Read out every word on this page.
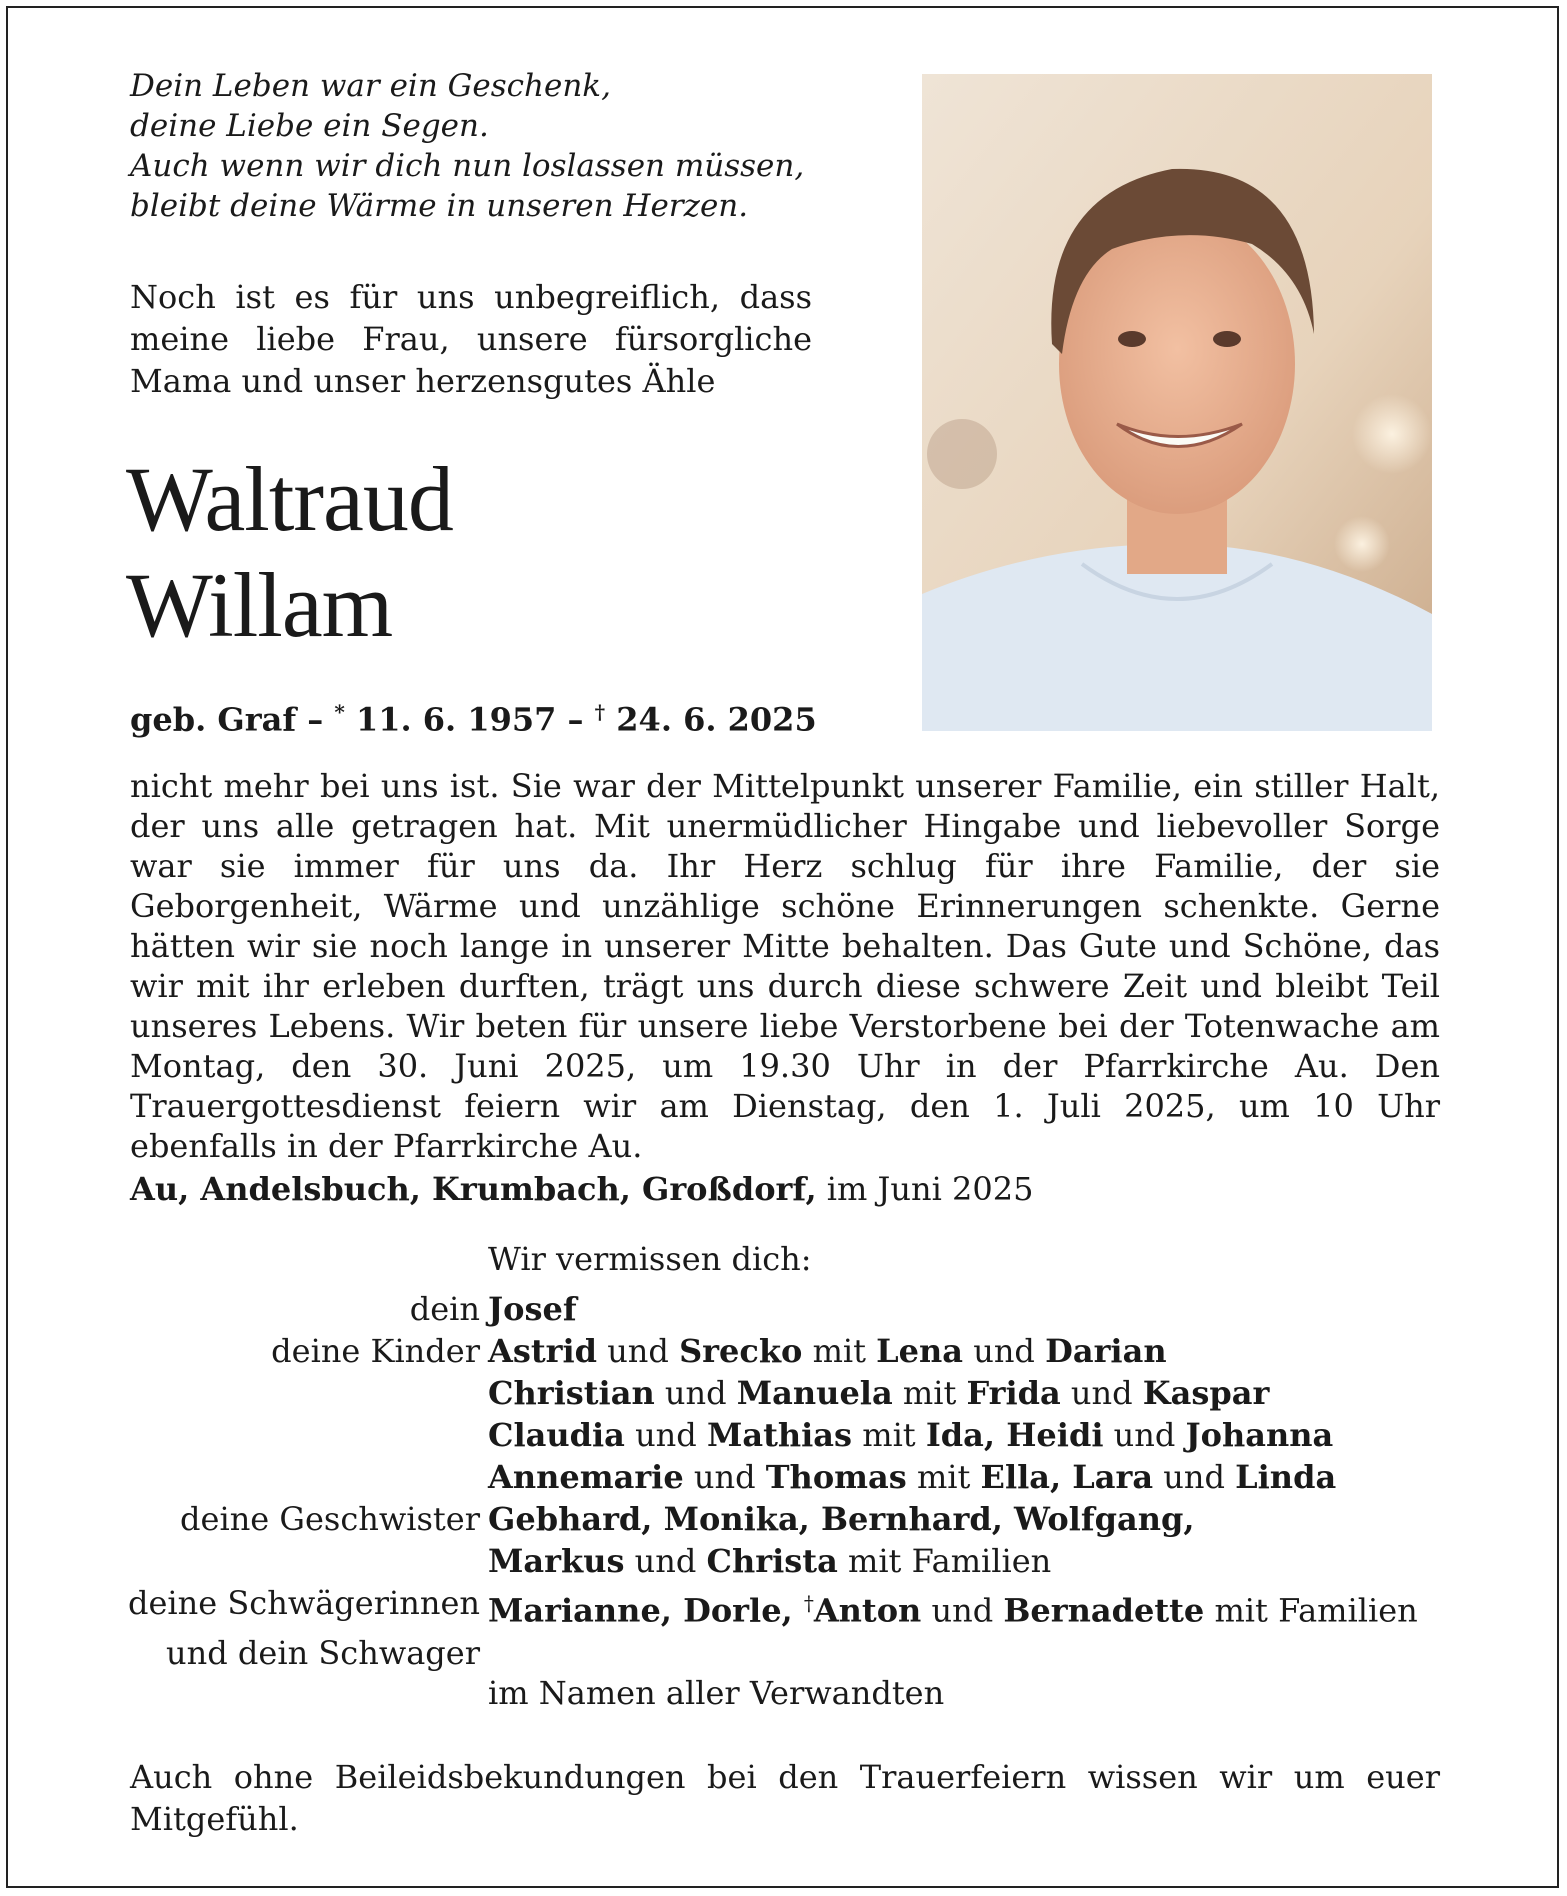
Dein Leben war ein Geschenk,
deine Liebe ein Segen.
Auch wenn wir dich nun loslassen müssen,
bleibt deine Wärme in unseren Herzen.

Noch ist es für uns unbegreiflich, dass meine liebe Frau, unsere fürsorgliche Mama und unser herzensgutes Ähle

Waltraud
Willam

geb. Graf – * 11. 6. 1957 – † 24. 6. 2025

nicht mehr bei uns ist. Sie war der Mittelpunkt unserer Familie, ein stiller Halt, der uns alle getragen hat. Mit unermüdlicher Hingabe und liebevoller Sorge war sie immer für uns da. Ihr Herz schlug für ihre Familie, der sie Geborgenheit, Wärme und unzählige schöne Erinnerungen schenkte. Gerne hätten wir sie noch lange in unserer Mitte behalten. Das Gute und Schöne, das wir mit ihr erleben durften, trägt uns durch diese schwere Zeit und bleibt Teil unseres Lebens. Wir beten für unsere liebe Verstorbene bei der Totenwache am Montag, den 30. Juni 2025, um 19.30 Uhr in der Pfarrkirche Au. Den Trauergottesdienst feiern wir am Dienstag, den 1. Juli 2025, um 10 Uhr ebenfalls in der Pfarrkirche Au.

Au, Andelsbuch, Krumbach, Großdorf, im Juni 2025

Wir vermissen dich:

dein Josef
deine Kinder Astrid und Srecko mit Lena und Darian
Christian und Manuela mit Frida und Kaspar
Claudia und Mathias mit Ida, Heidi und Johanna
Annemarie und Thomas mit Ella, Lara und Linda
deine Geschwister Gebhard, Monika, Bernhard, Wolfgang,
Markus und Christa mit Familien
deine Schwägerinnen Marianne, Dorle, †Anton und Bernadette mit Familien
und dein Schwager

im Namen aller Verwandten

Auch ohne Beileidsbekundungen bei den Trauerfeiern wissen wir um euer Mitgefühl.
